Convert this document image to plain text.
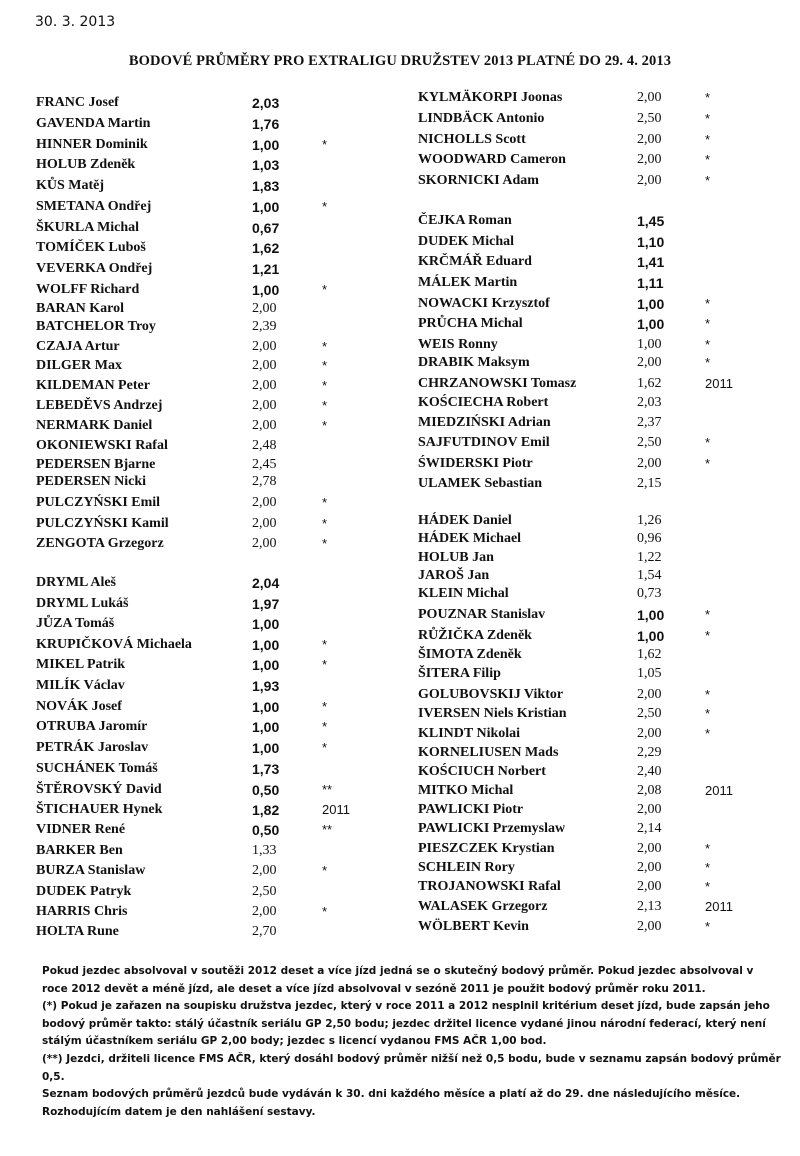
30. 3. 2013
BODOVÉ PRŮMĚRY PRO EXTRALIGU DRUŽSTEV 2013 PLATNÉ DO 29. 4. 2013
FRANC Josef	2,03
GAVENDA Martin	1,76
HINNER Dominik	1,00	*
HOLUB Zdeněk	1,03
KŮS Matěj	1,83
SMETANA Ondřej	1,00	*
ŠKURLA Michal	0,67
TOMÍČEK Luboš	1,62
VEVERKA Ondřej	1,21
WOLFF Richard	1,00	*
BARAN Karol	2,00
BATCHELOR Troy	2,39
CZAJA Artur	2,00	*
DILGER Max	2,00	*
KILDEMAN Peter	2,00	*
LEBEDĚVS Andrzej	2,00	*
NERMARK Daniel	2,00	*
OKONIEWSKI Rafal	2,48
PEDERSEN Bjarne	2,45
PEDERSEN Nicki	2,78
PULCZYŃSKI Emil	2,00	*
PULCZYŃSKI Kamil	2,00	*
ZENGOTA Grzegorz	2,00	*
DRYML Aleš	2,04
DRYML Lukáš	1,97
JŮZA Tomáš	1,00
KRUPIČKOVÁ Michaela	1,00	*
MIKEL Patrik	1,00	*
MILÍK Václav	1,93
NOVÁK Josef	1,00	*
OTRUBA Jaromír	1,00	*
PETRÁK Jaroslav	1,00	*
SUCHÁNEK Tomáš	1,73
ŠTĚROVSKÝ David	0,50	**
ŠTICHAUER Hynek	1,82	2011
VIDNER René	0,50	**
BARKER Ben	1,33
BURZA Stanislaw	2,00	*
DUDEK Patryk	2,50
HARRIS Chris	2,00	*
HOLTA Rune	2,70
KYLMÄKORPI Joonas	2,00	*
LINDBÄCK Antonio	2,50	*
NICHOLLS Scott	2,00	*
WOODWARD Cameron	2,00	*
SKORNICKI Adam	2,00	*
ČEJKA Roman	1,45
DUDEK Michal	1,10
KRČMÁŘ Eduard	1,41
MÁLEK Martin	1,11
NOWACKI Krzysztof	1,00	*
PRŮCHA Michal	1,00	*
WEIS Ronny	1,00	*
DRABIK Maksym	2,00	*
CHRZANOWSKI Tomasz	1,62	2011
KOŚCIECHA Robert	2,03
MIEDZIŃSKI Adrian	2,37
SAJFUTDINOV Emil	2,50	*
ŚWIDERSKI Piotr	2,00	*
ULAMEK Sebastian	2,15
HÁDEK Daniel	1,26
HÁDEK Michael	0,96
HOLUB Jan	1,22
JAROŠ Jan	1,54
KLEIN Michal	0,73
POUZNAR Stanislav	1,00	*
RŮŽIČKA Zdeněk	1,00	*
ŠIMOTA Zdeněk	1,62
ŠITERA Filip	1,05
GOLUBOVSKIJ Viktor	2,00	*
IVERSEN Niels Kristian	2,50	*
KLINDT Nikolai	2,00	*
KORNELIUSEN Mads	2,29
KOŚCIUCH Norbert	2,40
MITKO Michal	2,08	2011
PAWLICKI Piotr	2,00
PAWLICKI Przemyslaw	2,14
PIESZCZEK Krystian	2,00	*
SCHLEIN Rory	2,00	*
TROJANOWSKI Rafal	2,00	*
WALASEK Grzegorz	2,13	2011
WÖLBERT Kevin	2,00	*

Pokud jezdec absolvoval v soutěži 2012 deset a více jízd jedná se o skutečný bodový průměr. Pokud jezdec absolvoval v roce 2012 devět a méně jízd, ale deset a více jízd absolvoval v sezóně 2011 je použit bodový průměr roku 2011.

(*) Pokud je zařazen na soupisku družstva jezdec, který v roce 2011 a 2012 nesplnil kritérium deset jízd, bude zapsán jeho bodový průměr takto: stálý účastník seriálu GP 2,50 bodu; jezdec držitel licence vydané jinou národní federací, který není stálým účastníkem seriálu GP 2,00 body; jezdec s licencí vydanou FMS AČR 1,00 bod.

(**) Jezdci, držiteli licence FMS AČR, který dosáhl bodový průměr nižší než 0,5 bodu, bude v seznamu zapsán bodový průměr 0,5.

Seznam bodových průměrů jezdců bude vydáván k 30. dni každého měsíce a platí až do 29. dne následujícího měsíce. Rozhodujícím datem je den nahlášení sestavy.
